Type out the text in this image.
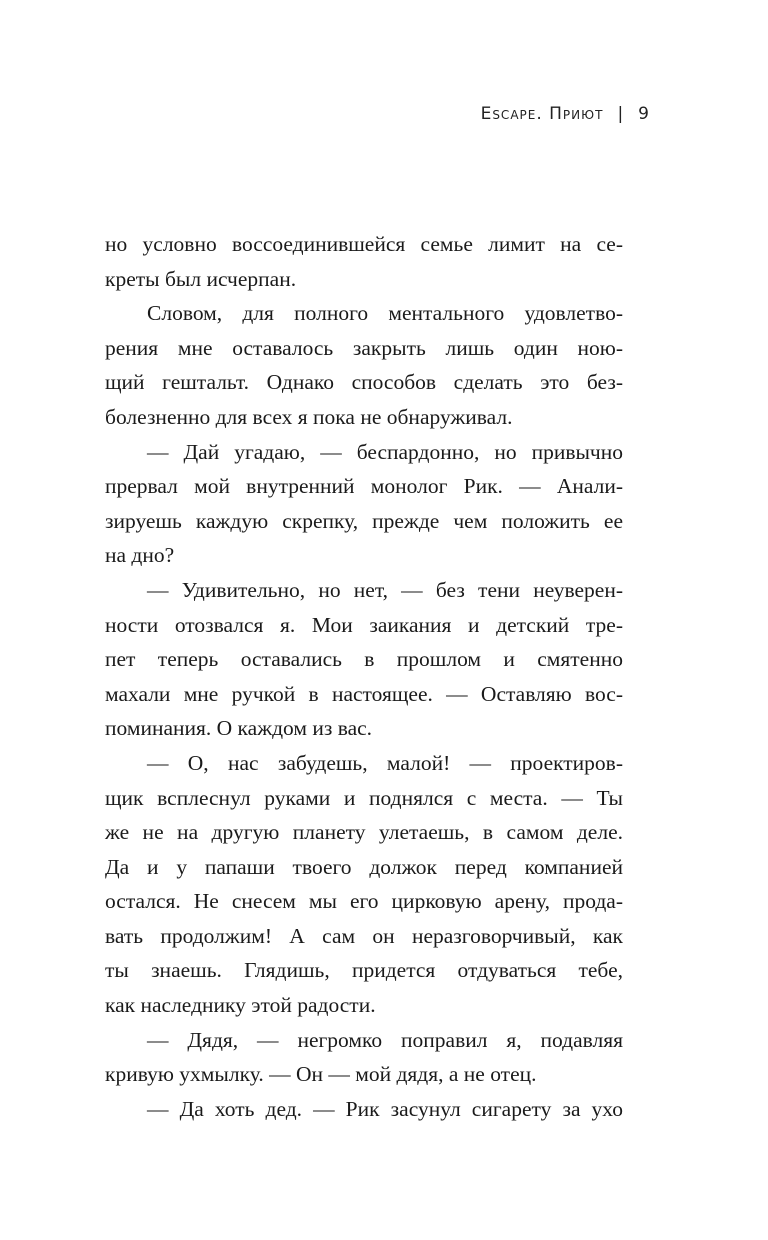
Escape. Приют | 9
но условно воссоединившейся семье лимит на се-
креты был исчерпан.
Словом, для полного ментального удовлетво-
рения мне оставалось закрыть лишь один ною-
щий гештальт. Однако способов сделать это без-
болезненно для всех я пока не обнаруживал.
— Дай угадаю, — беспардонно, но привычно
прервал мой внутренний монолог Рик. — Анали-
зируешь каждую скрепку, прежде чем положить ее
на дно?
— Удивительно, но нет, — без тени неуверен-
ности отозвался я. Мои заикания и детский тре-
пет теперь оставались в прошлом и смятенно
махали мне ручкой в настоящее. — Оставляю вос-
поминания. О каждом из вас.
— О, нас забудешь, малой! — проектиров-
щик всплеснул руками и поднялся с места. — Ты
же не на другую планету улетаешь, в самом деле.
Да и у папаши твоего должок перед компанией
остался. Не снесем мы его цирковую арену, прода-
вать продолжим! А сам он неразговорчивый, как
ты знаешь. Глядишь, придется отдуваться тебе,
как наследнику этой радости.
— Дядя, — негромко поправил я, подавляя
кривую ухмылку. — Он — мой дядя, а не отец.
— Да хоть дед. — Рик засунул сигарету за ухо
